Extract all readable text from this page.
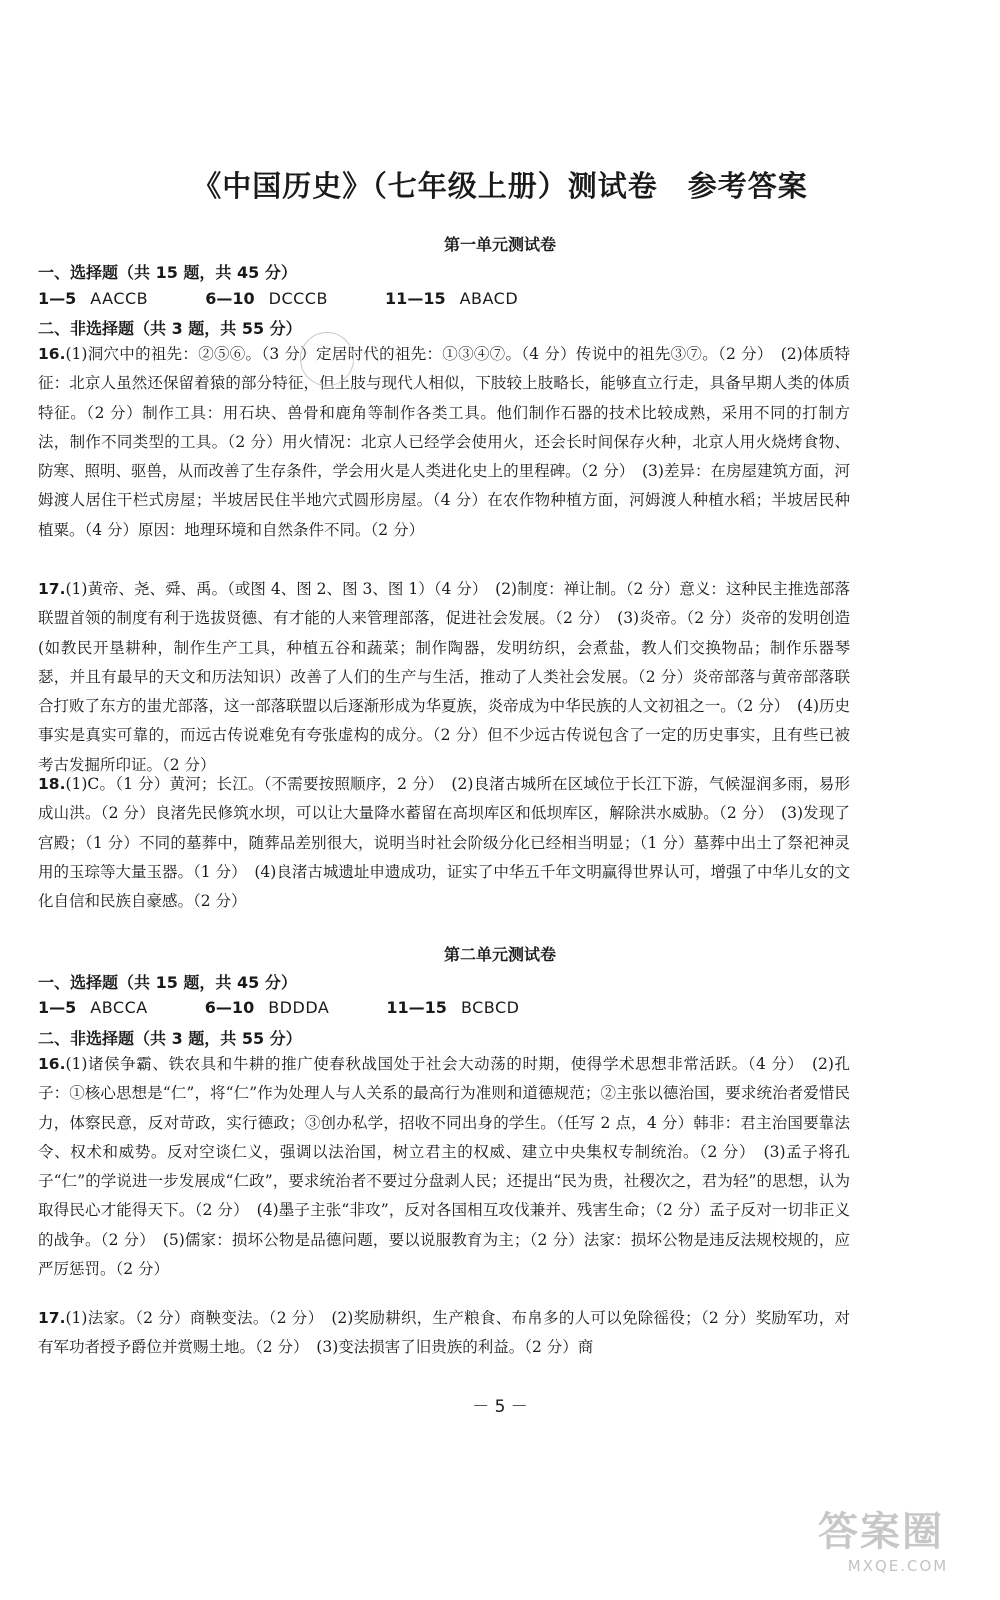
《中国历史》（七年级上册）测试卷　参考答案
第一单元测试卷
一、选择题（共 15 题，共 45 分）
1—5 AACCB	6—10 DCCCB	11—15 ABACD
二、非选择题（共 3 题，共 55 分）

16.(1)洞穴中的祖先：②⑤⑥。（3 分）定居时代的祖先：①③④⑦。（4 分）传说中的祖先③⑦。（2 分）　(2)体质特征：北京人虽然还保留着猿的部分特征，但上肢与现代人相似，下肢较上肢略长，能够直立行走，具备早期人类的体质特征。（2 分）制作工具：用石块、兽骨和鹿角等制作各类工具。他们制作石器的技术比较成熟，采用不同的打制方法，制作不同类型的工具。（2 分）用火情况：北京人已经学会使用火，还会长时间保存火种，北京人用火烧烤食物、防寒、照明、驱兽，从而改善了生存条件，学会用火是人类进化史上的里程碑。（2 分）　(3)差异：在房屋建筑方面，河姆渡人居住干栏式房屋；半坡居民住半地穴式圆形房屋。（4 分）在农作物种植方面，河姆渡人种植水稻；半坡居民种植粟。（4 分）原因：地理环境和自然条件不同。（2 分）

17.(1)黄帝、尧、舜、禹。（或图 4、图 2、图 3、图 1）（4 分）　(2)制度：禅让制。（2 分）意义：这种民主推选部落联盟首领的制度有利于选拔贤德、有才能的人来管理部落，促进社会发展。（2 分）　(3)炎帝。（2 分）炎帝的发明创造(如教民开垦耕种，制作生产工具，种植五谷和蔬菜；制作陶器，发明纺织，会煮盐，教人们交换物品；制作乐器琴瑟，并且有最早的天文和历法知识）改善了人们的生产与生活，推动了人类社会发展。（2 分）炎帝部落与黄帝部落联合打败了东方的蚩尤部落，这一部落联盟以后逐渐形成为华夏族，炎帝成为中华民族的人文初祖之一。（2 分）　(4)历史事实是真实可靠的，而远古传说难免有夸张虚构的成分。（2 分）但不少远古传说包含了一定的历史事实，且有些已被考古发掘所印证。（2 分）

18.(1)C。（1 分）黄河；长江。（不需要按照顺序，2 分）　(2)良渚古城所在区域位于长江下游，气候湿润多雨，易形成山洪。（2 分）良渚先民修筑水坝，可以让大量降水蓄留在高坝库区和低坝库区，解除洪水威胁。（2 分）　(3)发现了宫殿；（1 分）不同的墓葬中，随葬品差别很大，说明当时社会阶级分化已经相当明显；（1 分）墓葬中出土了祭祀神灵用的玉琮等大量玉器。（1 分）　(4)良渚古城遗址申遗成功，证实了中华五千年文明赢得世界认可，增强了中华儿女的文化自信和民族自豪感。（2 分）

第二单元测试卷
一、选择题（共 15 题，共 45 分）
1—5 ABCCA	6—10 BDDDA	11—15 BCBCD
二、非选择题（共 3 题，共 55 分）

16.(1)诸侯争霸、铁农具和牛耕的推广使春秋战国处于社会大动荡的时期，使得学术思想非常活跃。（4 分）　(2)孔子：①核心思想是“仁”，将“仁”作为处理人与人关系的最高行为准则和道德规范；②主张以德治国，要求统治者爱惜民力，体察民意，反对苛政，实行德政；③创办私学，招收不同出身的学生。（任写 2 点，4 分）韩非：君主治国要靠法令、权术和威势。反对空谈仁义，强调以法治国，树立君主的权威、建立中央集权专制统治。（2 分）　(3)孟子将孔子“仁”的学说进一步发展成“仁政”，要求统治者不要过分盘剥人民；还提出“民为贵，社稷次之，君为轻”的思想，认为取得民心才能得天下。（2 分）　(4)墨子主张“非攻”，反对各国相互攻伐兼并、残害生命；（2 分）孟子反对一切非正义的战争。（2 分）　(5)儒家：损坏公物是品德问题，要以说服教育为主；（2 分）法家：损坏公物是违反法规校规的，应严厉惩罚。（2 分）

17.(1)法家。（2 分）商鞅变法。（2 分）　(2)奖励耕织，生产粮食、布帛多的人可以免除徭役；（2 分）奖励军功，对有军功者授予爵位并赏赐土地。（2 分）　(3)变法损害了旧贵族的利益。（2 分）商

－ 5 －
答案圈
MXQE.COM
